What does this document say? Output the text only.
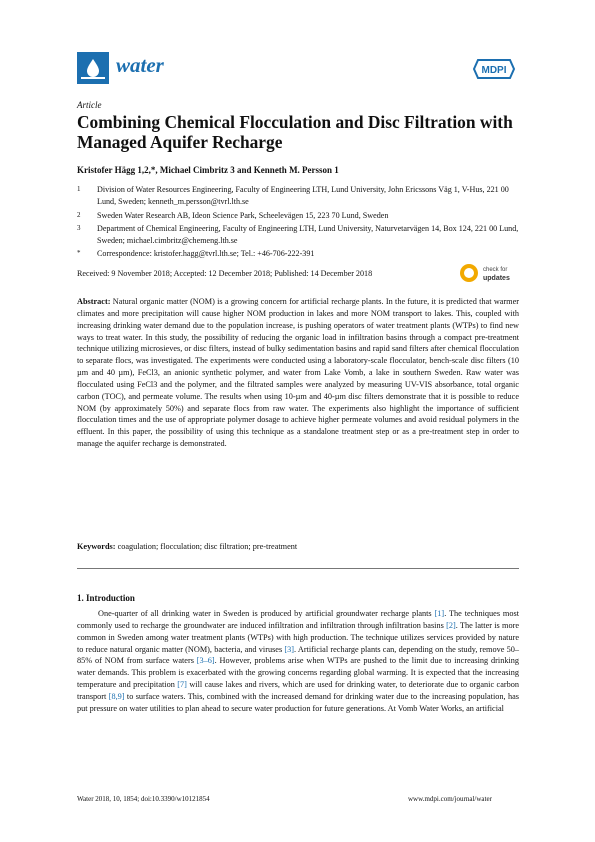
water	MDPI
Article
Combining Chemical Flocculation and Disc Filtration with Managed Aquifer Recharge
Kristofer Hägg 1,2,*, Michael Cimbritz 3 and Kenneth M. Persson 1
1 Division of Water Resources Engineering, Faculty of Engineering LTH, Lund University, John Ericssons Väg 1, V-Hus, 221 00 Lund, Sweden; kenneth_m.persson@tvrl.lth.se
2 Sweden Water Research AB, Ideon Science Park, Scheelevägen 15, 223 70 Lund, Sweden
3 Department of Chemical Engineering, Faculty of Engineering LTH, Lund University, Naturvetarvägen 14, Box 124, 221 00 Lund, Sweden; michael.cimbritz@chemeng.lth.se
* Correspondence: kristofer.hagg@tvrl.lth.se; Tel.: +46-706-222-391
Received: 9 November 2018; Accepted: 12 December 2018; Published: 14 December 2018	check for
updates
Abstract: Natural organic matter (NOM) is a growing concern for artificial recharge plants. In the future, it is predicted that warmer climates and more precipitation will cause higher NOM production in lakes and more NOM transport to lakes. This, coupled with increasing drinking water demand due to the population increase, is pushing operators of water treatment plants (WTPs) to find new ways to treat water. In this study, the possibility of reducing the organic load in infiltration basins through a compact pre-treatment technique utilizing microsieves, or disc filters, instead of bulky sedimentation basins and rapid sand filters after chemical flocculation to separate flocs, was investigated. The experiments were conducted using a laboratory-scale flocculator, bench-scale disc filters (10 µm and 40 µm), FeCl3, an anionic synthetic polymer, and water from Lake Vomb, a lake in southern Sweden. Raw water was flocculated using FeCl3 and the polymer, and the filtrated samples were analyzed by measuring UV-VIS absorbance, total organic carbon (TOC), and permeate volume. The results when using 10-µm and 40-µm disc filters demonstrate that it is possible to reduce NOM (by approximately 50%) and separate flocs from raw water. The experiments also highlight the importance of sufficient flocculation times and the use of appropriate polymer dosage to achieve higher permeate volumes and avoid residual polymers in the effluent. In this paper, the possibility of using this technique as a standalone treatment step or as a pre-treatment step in order to manage the aquifer recharge is demonstrated.
Keywords: coagulation; flocculation; disc filtration; pre-treatment
1. Introduction
One-quarter of all drinking water in Sweden is produced by artificial groundwater recharge plants [1]. The techniques most commonly used to recharge the groundwater are induced infiltration and infiltration through infiltration basins [2]. The latter is more common in Sweden among water treatment plants (WTPs) with high production. The technique utilizes services provided by nature to reduce natural organic matter (NOM), bacteria, and viruses [3]. Artificial recharge plants can, depending on the study, remove 50–85% of NOM from surface waters [3–6]. However, problems arise when WTPs are pushed to the limit due to increasing drinking water demands. This problem is exacerbated with the growing concerns regarding global warming. It is expected that the increasing temperature and precipitation [7] will cause lakes and rivers, which are used for drinking water, to deteriorate due to organic carbon transport [8,9] to surface waters. This, combined with the increased demand for drinking water due to the increasing population, has put pressure on water utilities to plan ahead to secure water production for future generations. At Vomb Water Works, an artificial
Water 2018, 10, 1854; doi:10.3390/w10121854	www.mdpi.com/journal/water
